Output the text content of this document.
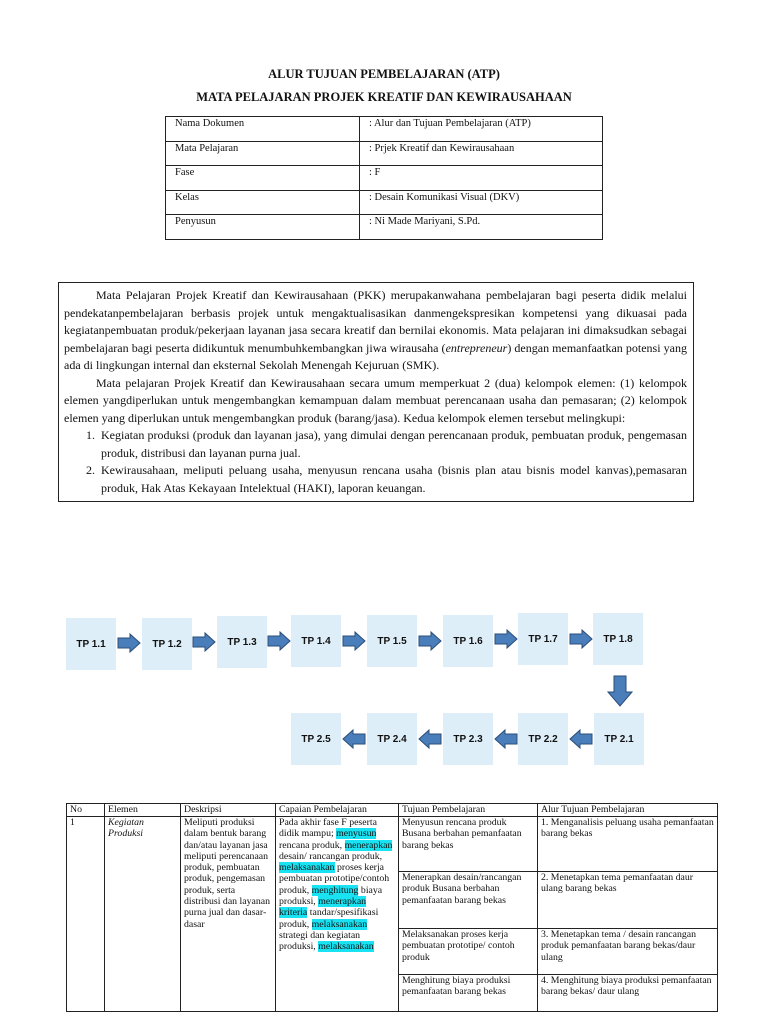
ALUR TUJUAN PEMBELAJARAN (ATP)
MATA PELAJARAN PROJEK KREATIF DAN KEWIRAUSAHAAN
Nama Dokumen	: Alur dan Tujuan Pembelajaran (ATP)
Mata Pelajaran	: Prjek Kreatif dan Kewirausahaan
Fase	: F
Kelas	: Desain Komunikasi Visual (DKV)
Penyusun	: Ni Made Mariyani, S.Pd.

Mata Pelajaran Projek Kreatif dan Kewirausahaan (PKK) merupakanwahana pembelajaran bagi peserta didik melalui pendekatanpembelajaran berbasis projek untuk mengaktualisasikan danmengekspresikan kompetensi yang dikuasai pada kegiatanpembuatan produk/pekerjaan layanan jasa secara kreatif dan bernilai ekonomis. Mata pelajaran ini dimaksudkan sebagai pembelajaran bagi peserta didikuntuk menumbuhkembangkan jiwa wirausaha (entrepreneur) dengan memanfaatkan potensi yang ada di lingkungan internal dan eksternal Sekolah Menengah Kejuruan (SMK).

Mata pelajaran Projek Kreatif dan Kewirausahaan secara umum memperkuat 2 (dua) kelompok elemen: (1) kelompok elemen yangdiperlukan untuk mengembangkan kemampuan dalam membuat perencanaan usaha dan pemasaran; (2) kelompok elemen yang diperlukan untuk mengembangkan produk (barang/jasa). Kedua kelompok elemen tersebut melingkupi:

1. Kegiatan produksi (produk dan layanan jasa), yang dimulai dengan perencanaan produk, pembuatan produk, pengemasan produk, distribusi dan layanan purna jual.
2. Kewirausahaan, meliputi peluang usaha, menyusun rencana usaha (bisnis plan atau bisnis model kanvas),pemasaran produk, Hak Atas Kekayaan Intelektual (HAKI), laporan keuangan.
TP 1.1	TP 1.2	TP 1.3	TP 1.4	TP 1.5	TP 1.6	TP 1.7	TP 1.8
TP 2.5	TP 2.4	TP 2.3	TP 2.2	TP 2.1
No	Elemen	Deskripsi	Capaian Pembelajaran	Tujuan Pembelajaran	Alur Tujuan Pembelajaran
1	Kegiatan Produksi	Meliputi produksi dalam bentuk barang dan/atau layanan jasa meliputi perencanaan produk, pembuatan produk, pengemasan produk, serta distribusi dan layanan purna jual dan dasar-dasar	Pada akhir fase F peserta didik mampu; menyusun rencana produk, menerapkan desain/ rancangan produk, melaksanakan proses kerja pembuatan prototipe/contoh produk, menghitung biaya produksi, menerapkan kriteria tandar/spesifikasi produk, melaksanakan strategi dan kegiatan produksi, melaksanakan	Menyusun rencana produk Busana berbahan pemanfaatan barang bekas	1. Menganalisis peluang usaha pemanfaatan barang bekas
				Menerapkan desain/rancangan produk Busana berbahan pemanfaatan barang bekas	2. Menetapkan tema pemanfaatan daur ulang barang bekas
				Melaksanakan proses kerja pembuatan prototipe/ contoh produk	3. Menetapkan tema / desain rancangan produk pemanfaatan barang bekas/daur ulang
				Menghitung biaya produksi pemanfaatan barang bekas	4. Menghitung biaya produksi pemanfaatan barang bekas/ daur ulang
